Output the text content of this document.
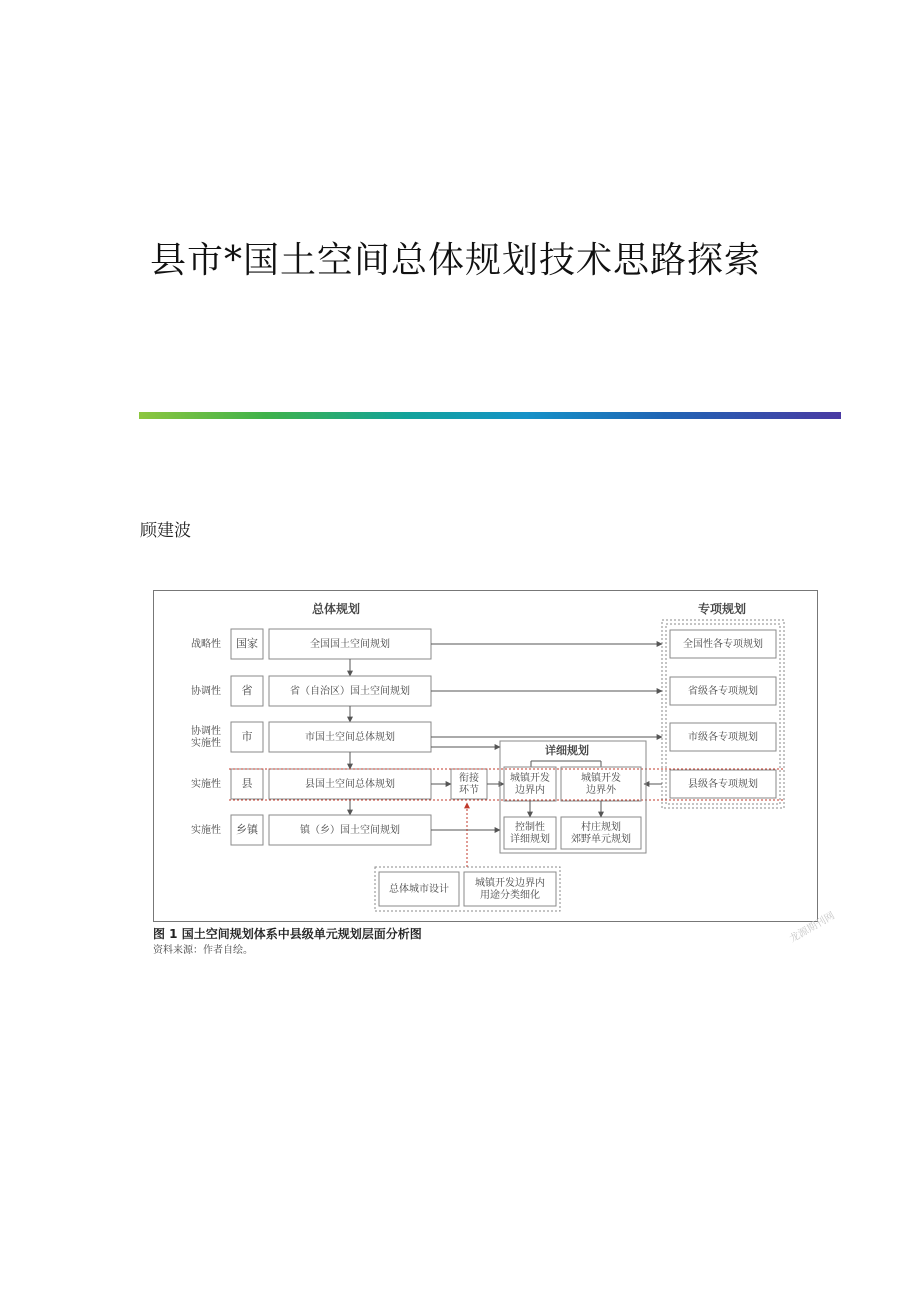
县市*国土空间总体规划技术思路探索
顾建波
总体规划	专项规划
战略性 国家	全国国土空间规划
协调性 省	省（自治区）国土空间规划
协调性实施性 市	市国土空间总体规划
实施性 县	县国土空间总体规划
实施性 乡镇	镇（乡）国土空间规划
全国性各专项规划
省级各专项规划
市级各专项规划
县级各专项规划
衔接环节
详细规划
城镇开发边界内
城镇开发边界外
控制性详细规划
村庄规划郊野单元规划
总体城市设计
城镇开发边界内用途分类细化
图 1 国土空间规划体系中县级单元规划层面分析图
资料来源：作者自绘。
龙源期刊网
